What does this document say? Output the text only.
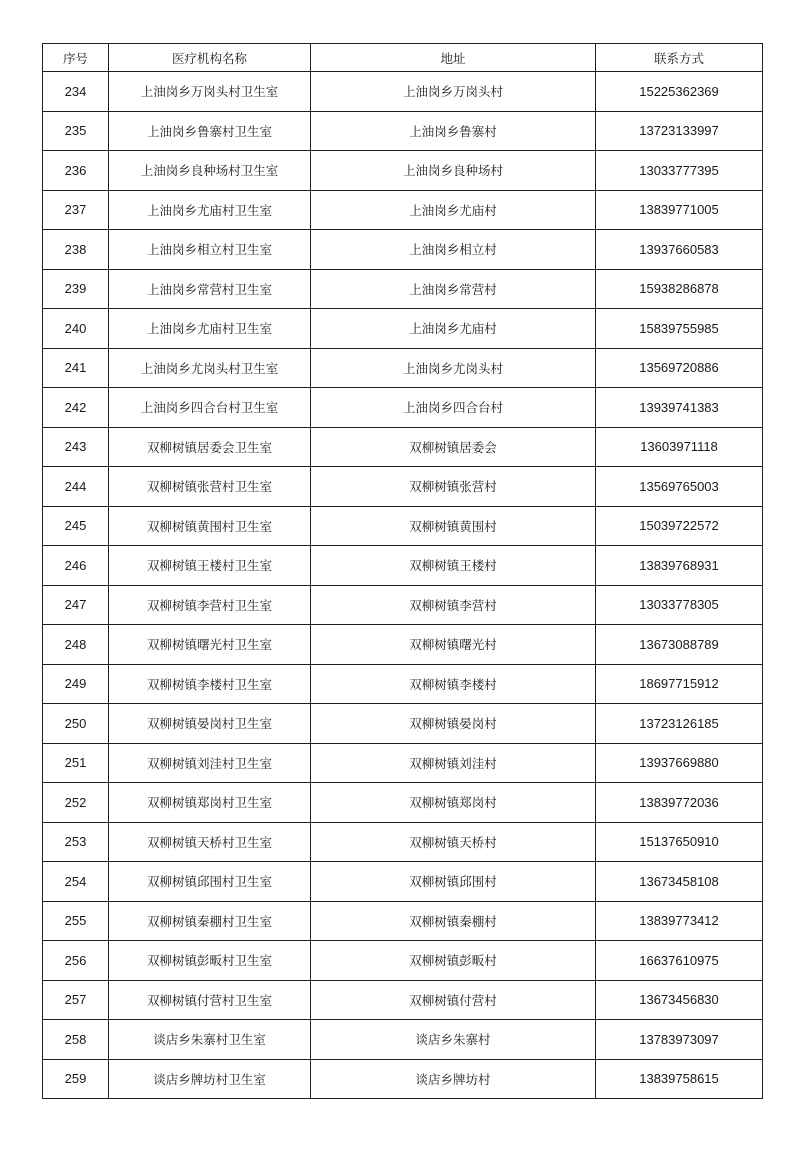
序号	医疗机构名称	地址	联系方式
234	上油岗乡万岗头村卫生室	上油岗乡万岗头村	15225362369
235	上油岗乡鲁寨村卫生室	上油岗乡鲁寨村	13723133997
236	上油岗乡良种场村卫生室	上油岗乡良种场村	13033777395
237	上油岗乡尤庙村卫生室	上油岗乡尤庙村	13839771005
238	上油岗乡相立村卫生室	上油岗乡相立村	13937660583
239	上油岗乡常营村卫生室	上油岗乡常营村	15938286878
240	上油岗乡尤庙村卫生室	上油岗乡尤庙村	15839755985
241	上油岗乡尤岗头村卫生室	上油岗乡尤岗头村	13569720886
242	上油岗乡四合台村卫生室	上油岗乡四合台村	13939741383
243	双柳树镇居委会卫生室	双柳树镇居委会	13603971118
244	双柳树镇张营村卫生室	双柳树镇张营村	13569765003
245	双柳树镇黄围村卫生室	双柳树镇黄围村	15039722572
246	双柳树镇王楼村卫生室	双柳树镇王楼村	13839768931
247	双柳树镇李营村卫生室	双柳树镇李营村	13033778305
248	双柳树镇曙光村卫生室	双柳树镇曙光村	13673088789
249	双柳树镇李楼村卫生室	双柳树镇李楼村	18697715912
250	双柳树镇晏岗村卫生室	双柳树镇晏岗村	13723126185
251	双柳树镇刘洼村卫生室	双柳树镇刘洼村	13937669880
252	双柳树镇郑岗村卫生室	双柳树镇郑岗村	13839772036
253	双柳树镇天桥村卫生室	双柳树镇天桥村	15137650910
254	双柳树镇邱围村卫生室	双柳树镇邱围村	13673458108
255	双柳树镇秦棚村卫生室	双柳树镇秦棚村	13839773412
256	双柳树镇彭畈村卫生室	双柳树镇彭畈村	16637610975
257	双柳树镇付营村卫生室	双柳树镇付营村	13673456830
258	谈店乡朱寨村卫生室	谈店乡朱寨村	13783973097
259	谈店乡牌坊村卫生室	谈店乡牌坊村	13839758615
